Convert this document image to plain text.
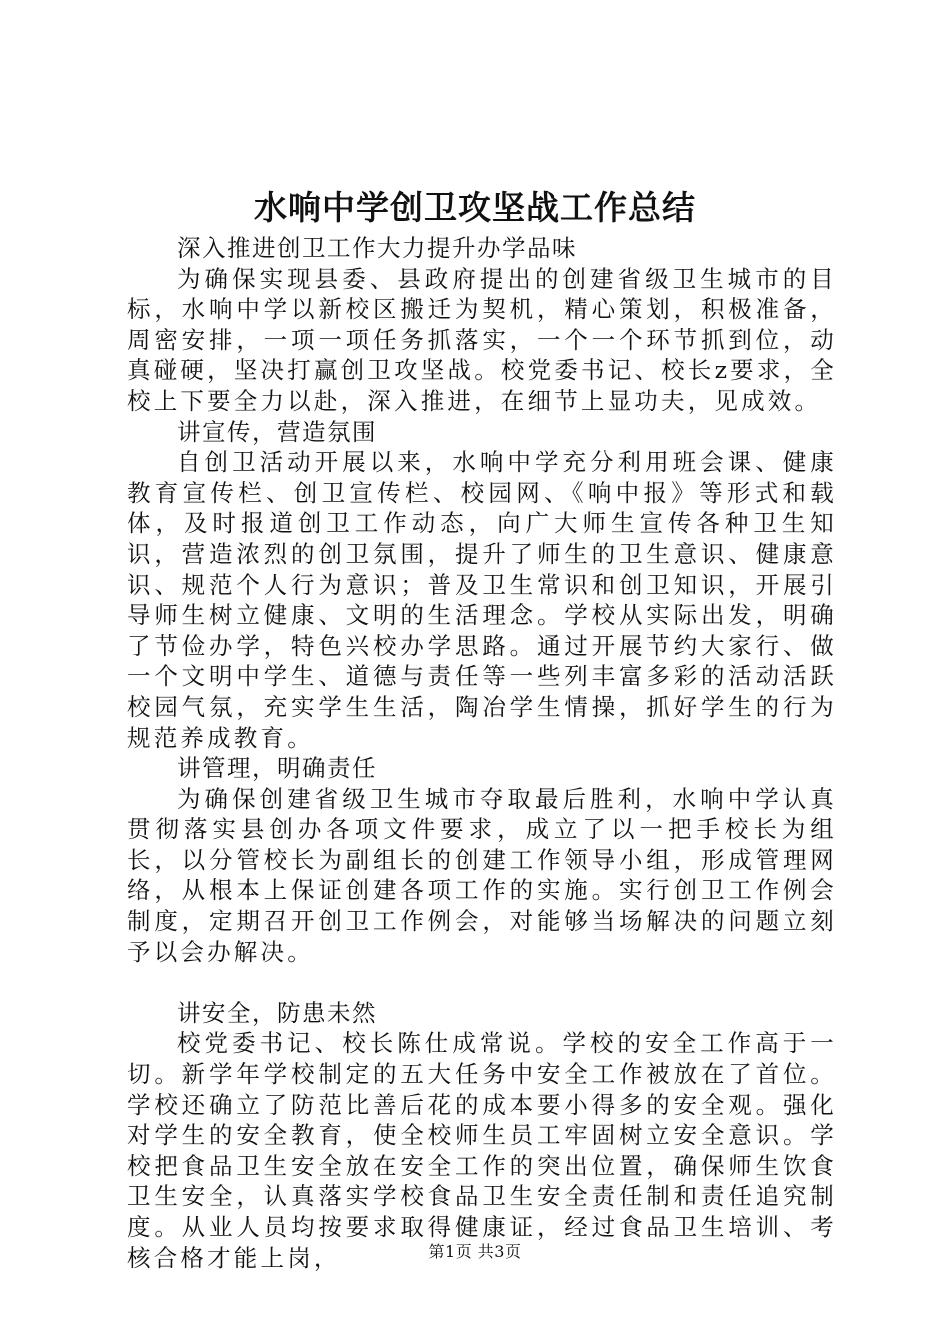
水响中学创卫攻坚战工作总结

深入推进创卫工作大力提升办学品味

为确保实现县委、县政府提出的创建省级卫生城市的目标，水响中学以新校区搬迁为契机，精心策划，积极准备，周密安排，一项一项任务抓落实，一个一个环节抓到位，动真碰硬，坚决打赢创卫攻坚战。校党委书记、校长z要求，全校上下要全力以赴，深入推进，在细节上显功夫，见成效。

讲宣传，营造氛围

自创卫活动开展以来，水响中学充分利用班会课、健康教育宣传栏、创卫宣传栏、校园网、《响中报》等形式和载体，及时报道创卫工作动态，向广大师生宣传各种卫生知识，营造浓烈的创卫氛围，提升了师生的卫生意识、健康意识、规范个人行为意识；普及卫生常识和创卫知识，开展引导师生树立健康、文明的生活理念。学校从实际出发，明确了节俭办学，特色兴校办学思路。通过开展节约大家行、做一个文明中学生、道德与责任等一些列丰富多彩的活动活跃校园气氛，充实学生生活，陶冶学生情操，抓好学生的行为规范养成教育。

讲管理，明确责任

为确保创建省级卫生城市夺取最后胜利，水响中学认真贯彻落实县创办各项文件要求，成立了以一把手校长为组长，以分管校长为副组长的创建工作领导小组，形成管理网络，从根本上保证创建各项工作的实施。实行创卫工作例会制度，定期召开创卫工作例会，对能够当场解决的问题立刻予以会办解决。

讲安全，防患未然

校党委书记、校长陈仕成常说。学校的安全工作高于一切。新学年学校制定的五大任务中安全工作被放在了首位。学校还确立了防范比善后花的成本要小得多的安全观。强化对学生的安全教育，使全校师生员工牢固树立安全意识。学校把食品卫生安全放在安全工作的突出位置，确保师生饮食卫生安全，认真落实学校食品卫生安全责任制和责任追究制度。从业人员均按要求取得健康证，经过食品卫生培训、考核合格才能上岗，	第1页 共3页
